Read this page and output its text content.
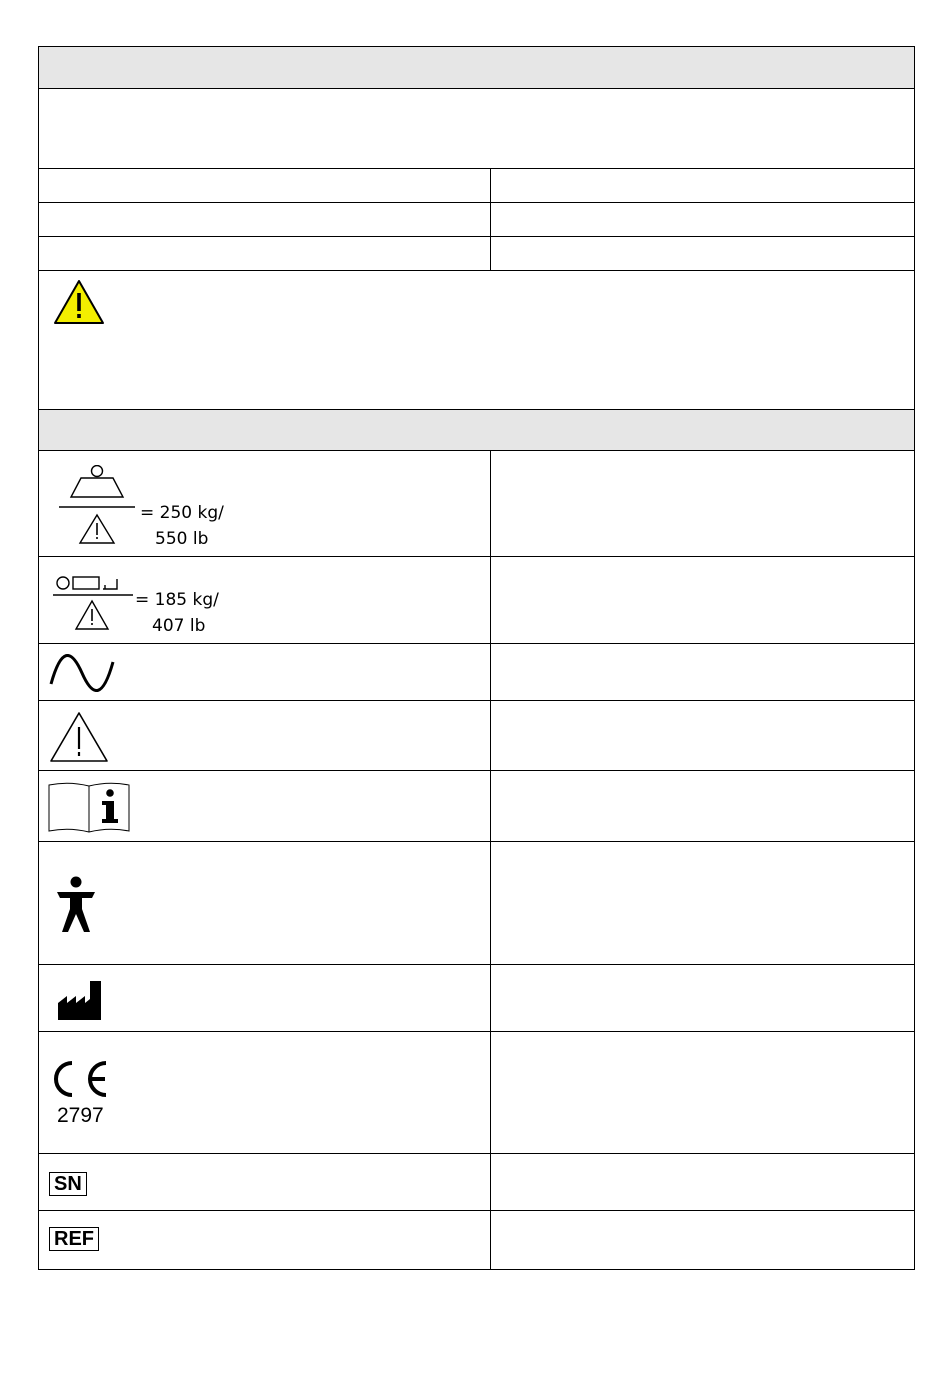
= 250 kg/
550 lb
= 185 kg/
407 lb
2797
SN
REF
